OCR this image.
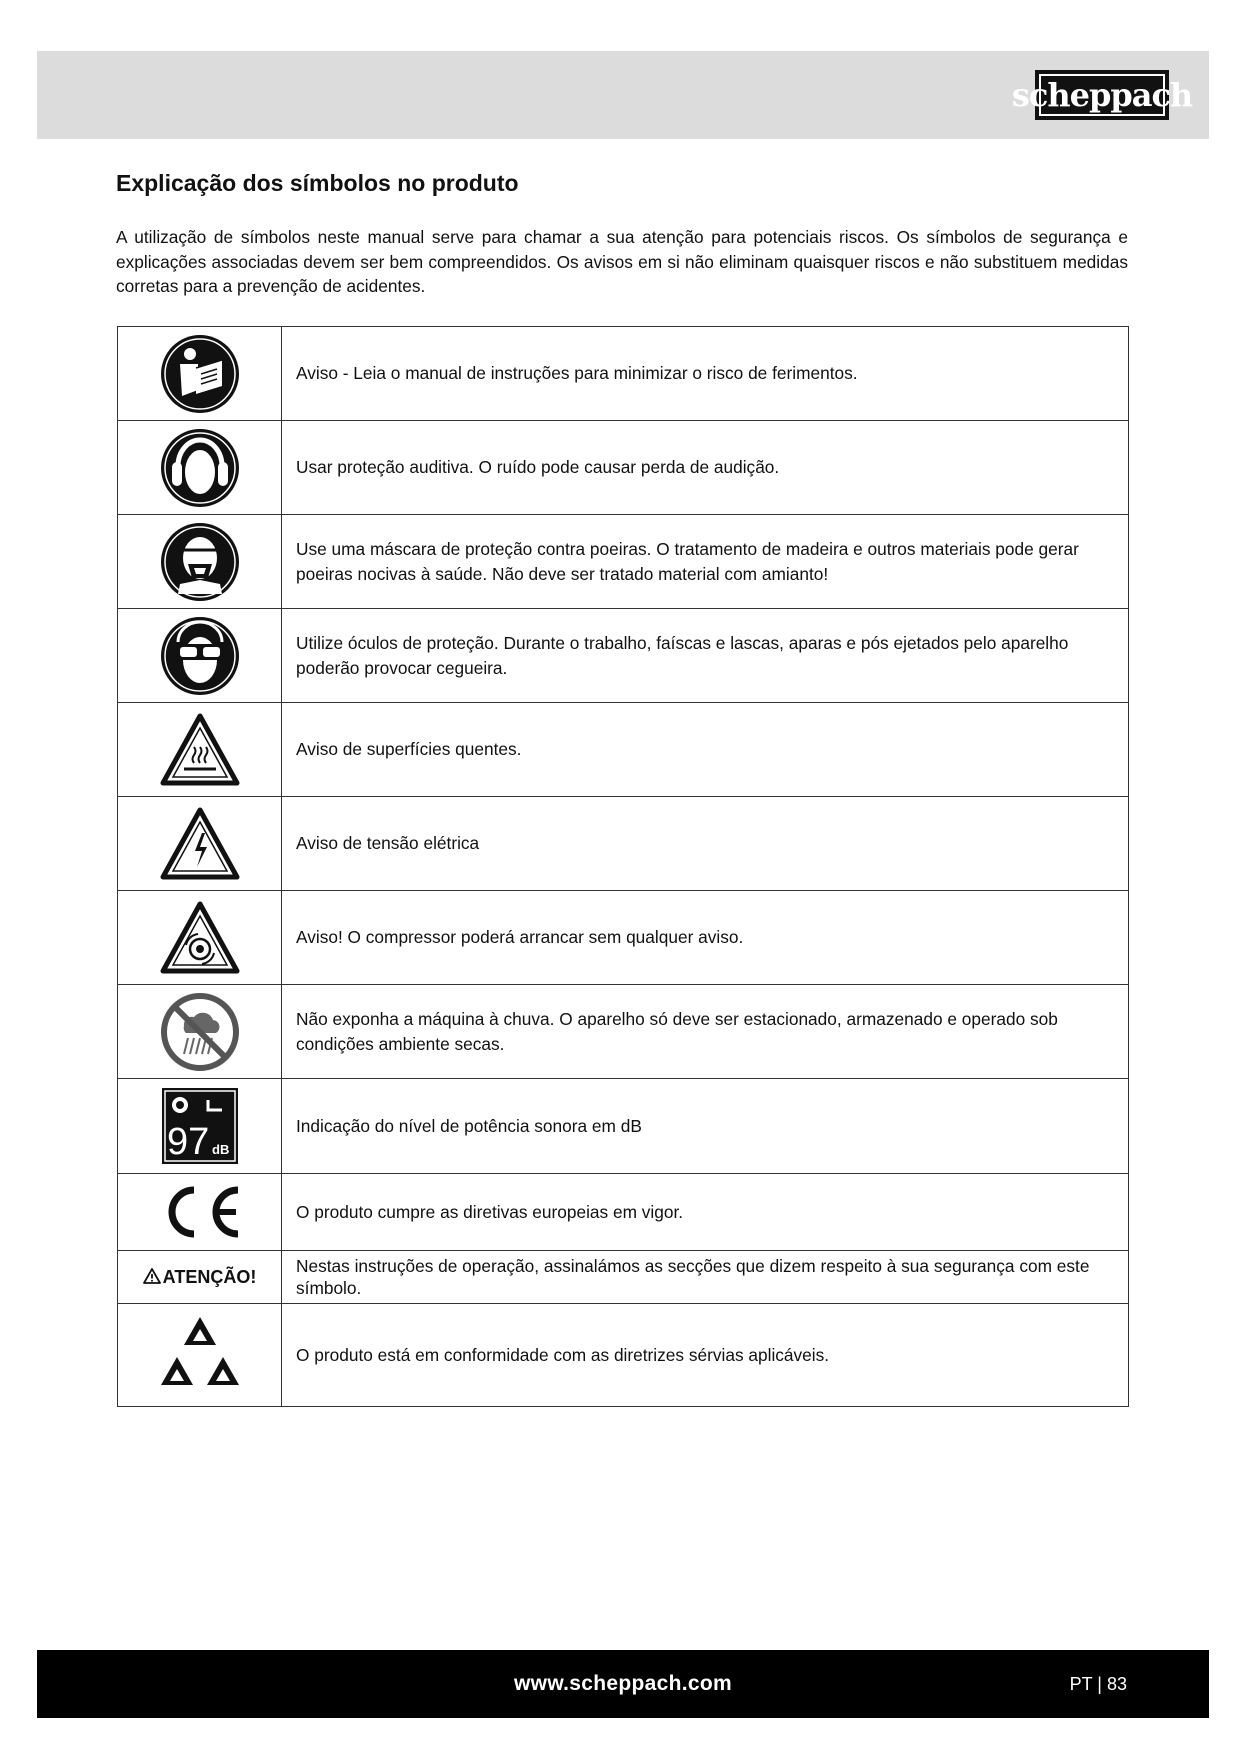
scheppach
Explicação dos símbolos no produto

A utilização de símbolos neste manual serve para chamar a sua atenção para potenciais riscos. Os símbolos de segurança e explicações associadas devem ser bem compreendidos. Os avisos em si não eliminam quaisquer riscos e não substituem medidas corretas para a prevenção de acidentes.

	Aviso - Leia o manual de instruções para minimizar o risco de ferimentos.

	Usar proteção auditiva. O ruído pode causar perda de audição.

	Use uma máscara de proteção contra poeiras. O tratamento de madeira e outros materiais pode gerar poeiras nocivas à saúde. Não deve ser tratado material com amianto!

	Utilize óculos de proteção. Durante o trabalho, faíscas e lascas, aparas e pós ejetados pelo aparelho poderão provocar cegueira.

	Aviso de superfícies quentes.

	Aviso de tensão elétrica

	Aviso! O compressor poderá arrancar sem qualquer aviso.

	Não exponha a máquina à chuva. O aparelho só deve ser estacionado, armazenado e operado sob condições ambiente secas.

97 dB	Indicação do nível de potência sonora em dB

	O produto cumpre as diretivas europeias em vigor.
ATENÇÃO!	Nestas instruções de operação, assinalámos as secções que dizem respeito à sua segurança com este símbolo.

	O produto está em conformidade com as diretrizes sérvias aplicáveis.
www.scheppach.com	PT | 83
